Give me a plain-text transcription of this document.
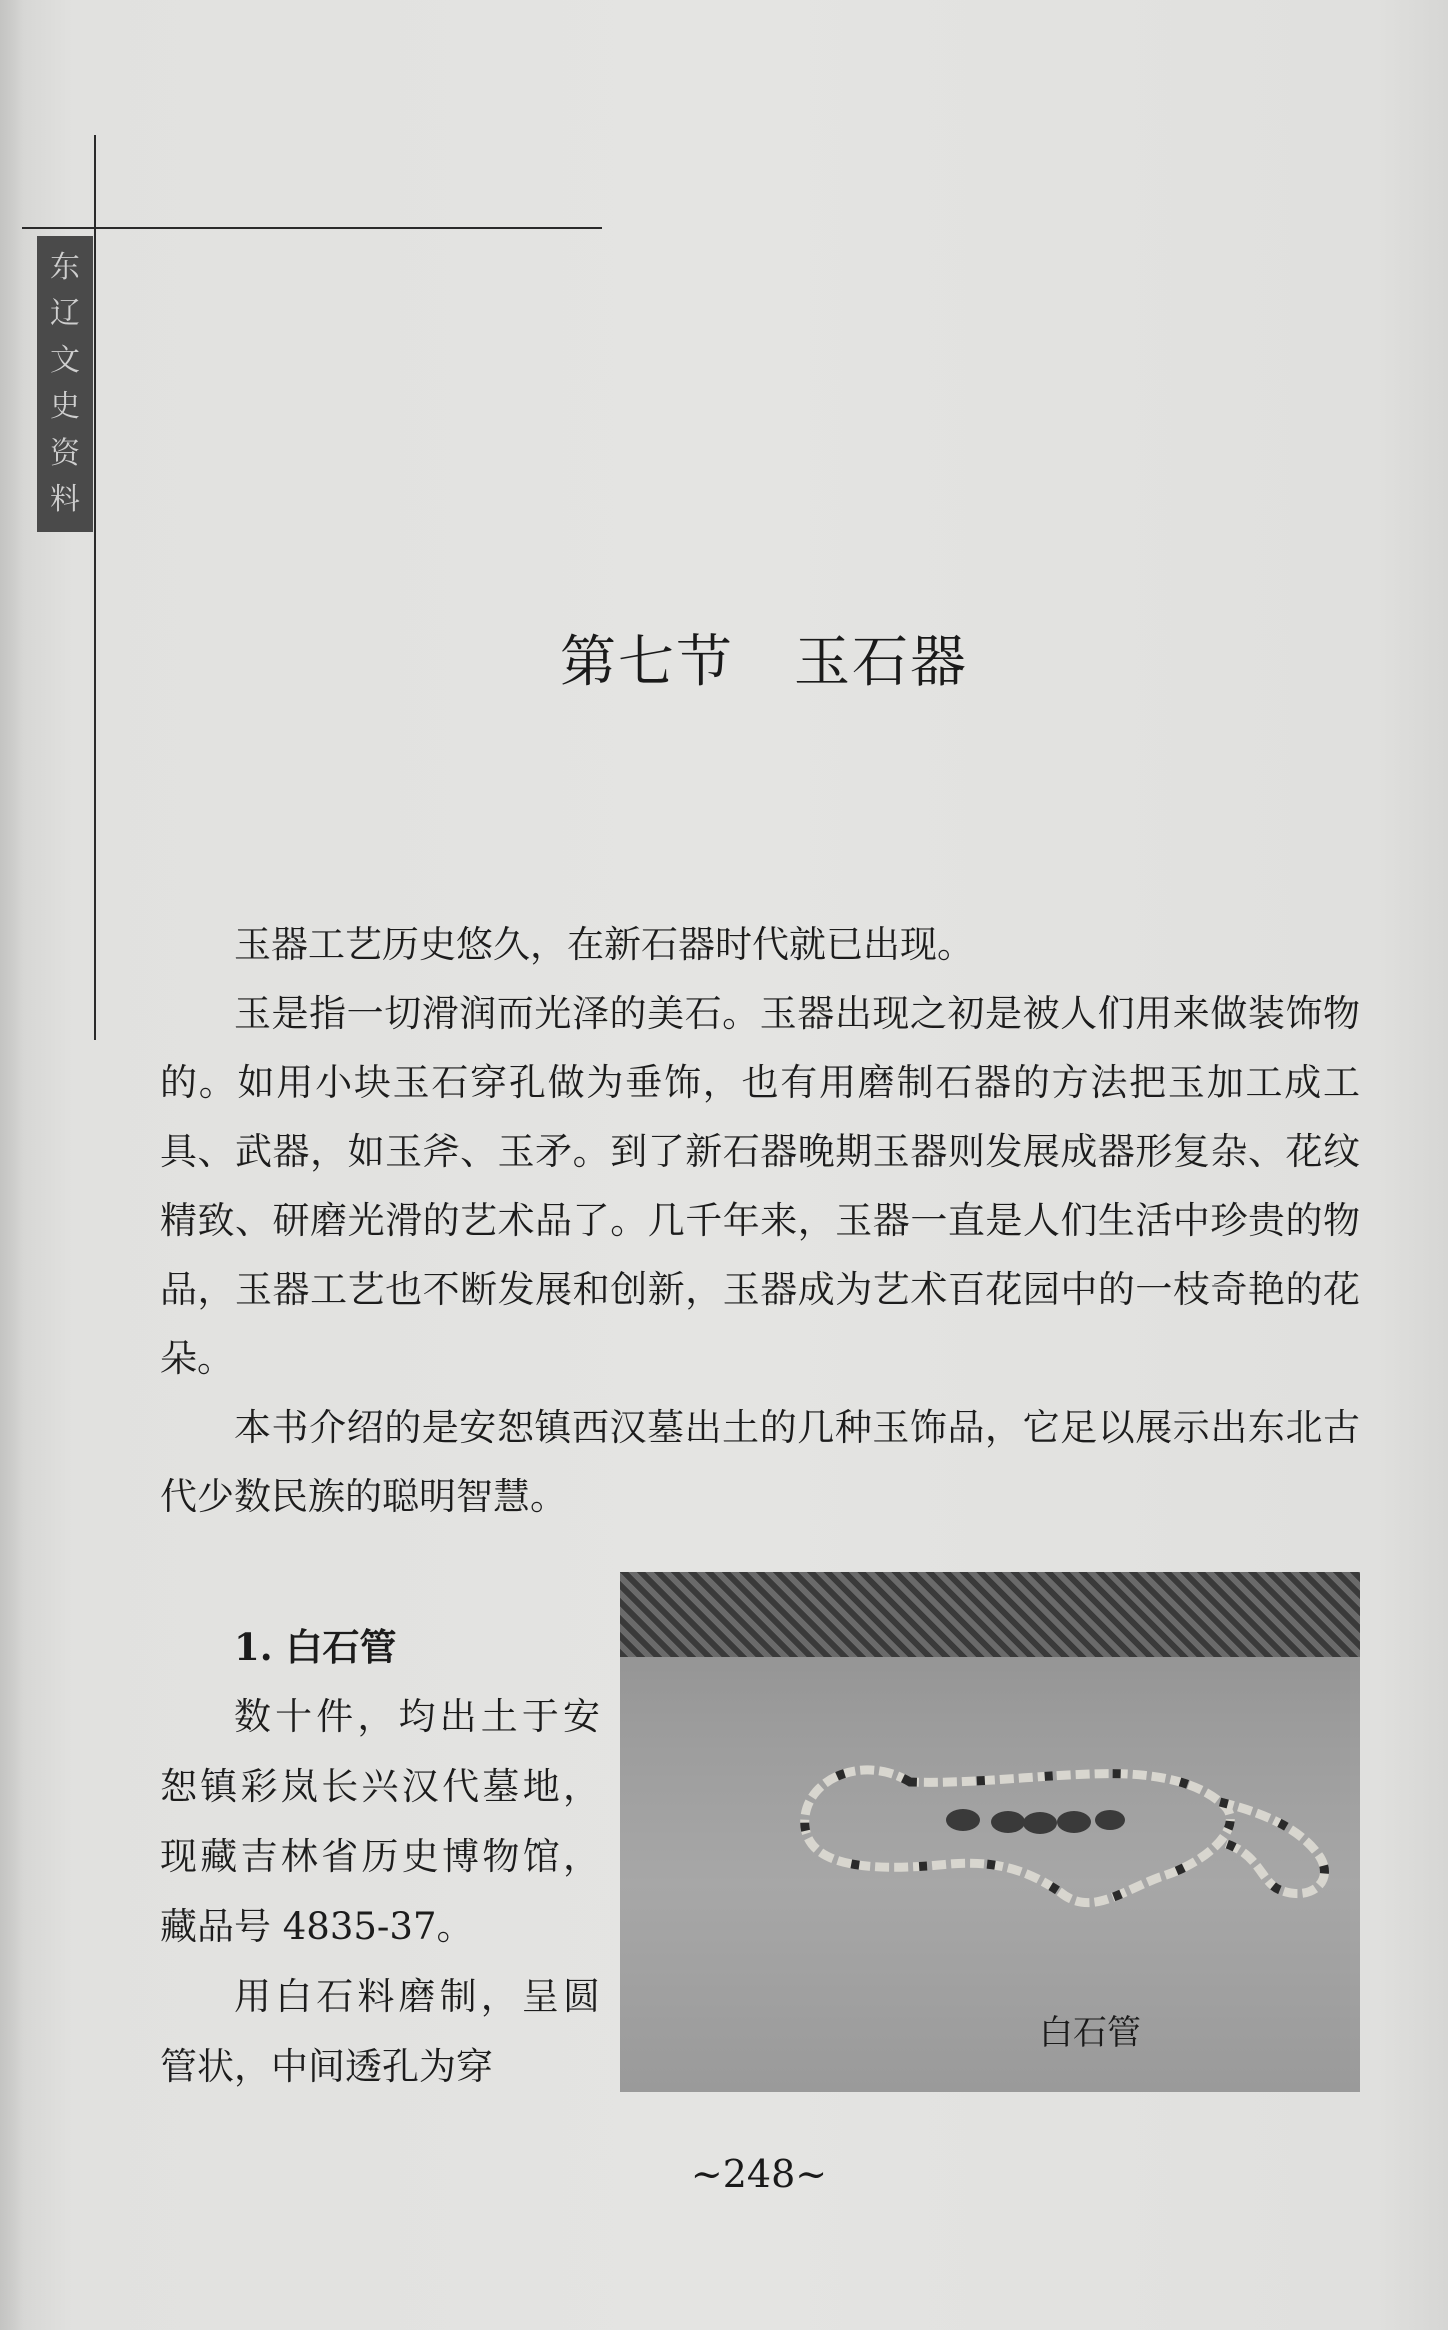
东
辽
文
史
资
料
第七节 玉石器

玉器工艺历史悠久，在新石器时代就已出现。

玉是指一切滑润而光泽的美石。玉器出现之初是被人们用来做装饰物的。如用小块玉石穿孔做为垂饰，也有用磨制石器的方法把玉加工成工具、武器，如玉斧、玉矛。到了新石器晚期玉器则发展成器形复杂、花纹精致、研磨光滑的艺术品了。几千年来，玉器一直是人们生活中珍贵的物品，玉器工艺也不断发展和创新，玉器成为艺术百花园中的一枝奇艳的花朵。

本书介绍的是安恕镇西汉墓出土的几种玉饰品，它足以展示出东北古代少数民族的聪明智慧。

1. 白石管

数十件，均出土于安恕镇彩岚长兴汉代墓地，现藏吉林省历史博物馆，藏品号 4835-37。

用白石料磨制，呈圆管状，中间透孔为穿

白石管
~248~
